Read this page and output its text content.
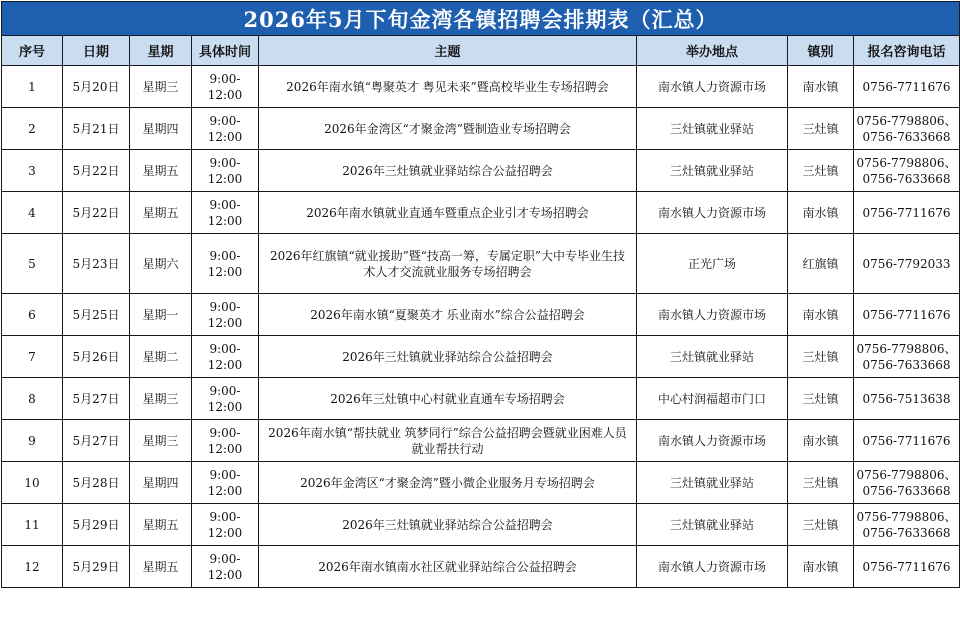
2026年5月下旬金湾各镇招聘会排期表（汇总）							
序号	日期	星期	具体时间	主题	举办地点	镇别	报名咨询电话
1	5月20日	星期三	9:00-12:00	2026年南水镇“粤聚英才 粤见未来”暨高校毕业生专场招聘会	南水镇人力资源市场	南水镇	0756-7711676

2	5月21日	星期四	9:00-12:00	2026年金湾区“才聚金湾”暨制造业专场招聘会	三灶镇就业驿站	三灶镇	0756-7798806、
0756-7633668

3	5月22日	星期五	9:00-12:00	2026年三灶镇就业驿站综合公益招聘会	三灶镇就业驿站	三灶镇	0756-7798806、
0756-7633668

4	5月22日	星期五	9:00-12:00	2026年南水镇就业直通车暨重点企业引才专场招聘会	南水镇人力资源市场	南水镇	0756-7711676

5	5月23日	星期六	9:00-12:00	2026年红旗镇“就业援助”暨“技高一筹，专属定职”大中专毕业生技术人才交流就业服务专场招聘会	正光广场	红旗镇	0756-7792033

6	5月25日	星期一	9:00-12:00	2026年南水镇“夏聚英才 乐业南水”综合公益招聘会	南水镇人力资源市场	南水镇	0756-7711676

7	5月26日	星期二	9:00-12:00	2026年三灶镇就业驿站综合公益招聘会	三灶镇就业驿站	三灶镇	0756-7798806、
0756-7633668

8	5月27日	星期三	9:00-12:00	2026年三灶镇中心村就业直通车专场招聘会	中心村润福超市门口	三灶镇	0756-7513638

9	5月27日	星期三	9:00-12:00	2026年南水镇“帮扶就业 筑梦同行”综合公益招聘会暨就业困难人员就业帮扶行动	南水镇人力资源市场	南水镇	0756-7711676

10	5月28日	星期四	9:00-12:00	2026年金湾区“才聚金湾”暨小微企业服务月专场招聘会	三灶镇就业驿站	三灶镇	0756-7798806、
0756-7633668

11	5月29日	星期五	9:00-12:00	2026年三灶镇就业驿站综合公益招聘会	三灶镇就业驿站	三灶镇	0756-7798806、
0756-7633668

12	5月29日	星期五	9:00-12:00	2026年南水镇南水社区就业驿站综合公益招聘会	南水镇人力资源市场	南水镇	0756-7711676
